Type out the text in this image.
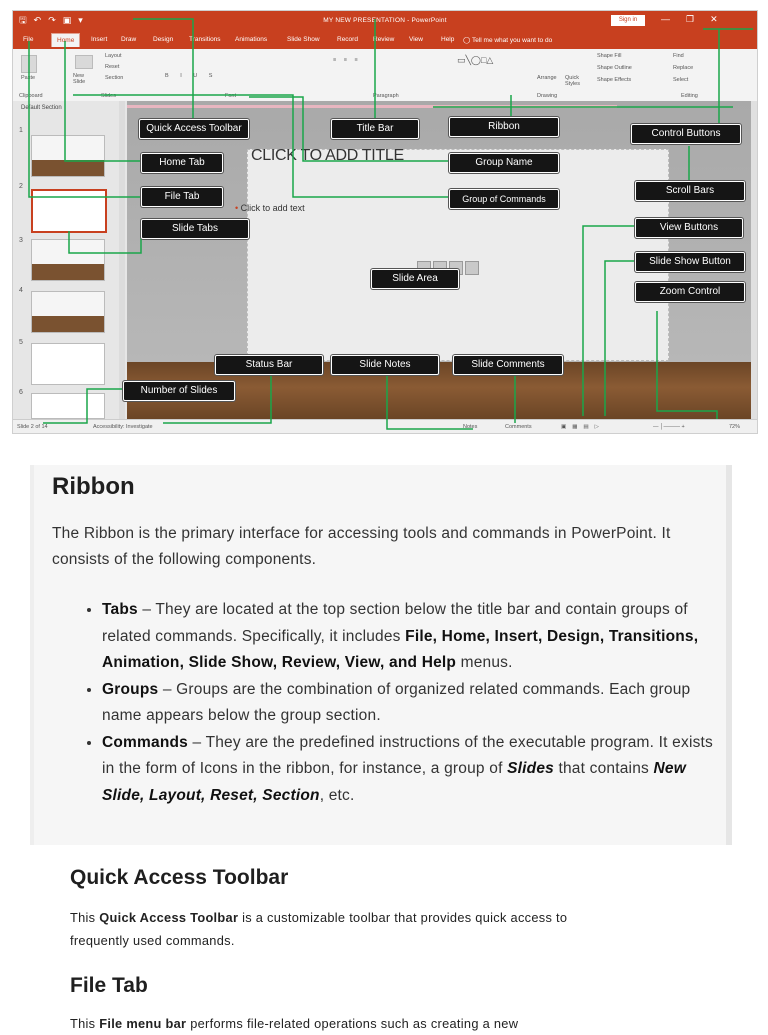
🖫 ↶ ↷ ▣ ▾	MY NEW PRESENTATION - PowerPoint	Sign in	— ❐ ✕
File	Home	Insert Draw	Design Transitions Animations	Slide Show	Record Review View	Help ◯ Tell me what you want to do
Paste	New Slide
Layout
Reset
Section	B I U S
≡ ≡ ≡	▭╲◯□△
Arrange Quick Styles
Shape Fill
Shape Outline
Shape Effects
Find
Replace
Select
Clipboard	Slides	Font	Paragraph	Drawing	Editing
Default Section
1
2
3
4
5
6
CLICK TO ADD TITLE
• Click to add text
Slide 2 of 14	Accessibility: Investigate	Notes	Comments	▣▦▤▷	— │——— +	72%
Quick Access Toolbar	Title Bar	Ribbon
Control Buttons
Home Tab	Group Name
File Tab	Group of Commands
Scroll Bars
Slide Tabs	View Buttons
Slide Show Button
Slide Area
Zoom Control
Status Bar	Slide Notes	Slide Comments
Number of Slides
Ribbon

The Ribbon is the primary interface for accessing tools and commands in PowerPoint. It consists of the following components.

• Tabs – They are located at the top section below the title bar and contain groups of related commands. Specifically, it includes File, Home, Insert, Design, Transitions, Animation, Slide Show, Review, View, and Help menus.
• Groups – Groups are the combination of organized related commands. Each group name appears below the group section.
• Commands – They are the predefined instructions of the executable program. It exists in the form of Icons in the ribbon, for instance, a group of Slides that contains New Slide, Layout, Reset, Section, etc.
Quick Access Toolbar

This Quick Access Toolbar is a customizable toolbar that provides quick access to frequently used commands.

File Tab

This File menu bar performs file-related operations such as creating a new
